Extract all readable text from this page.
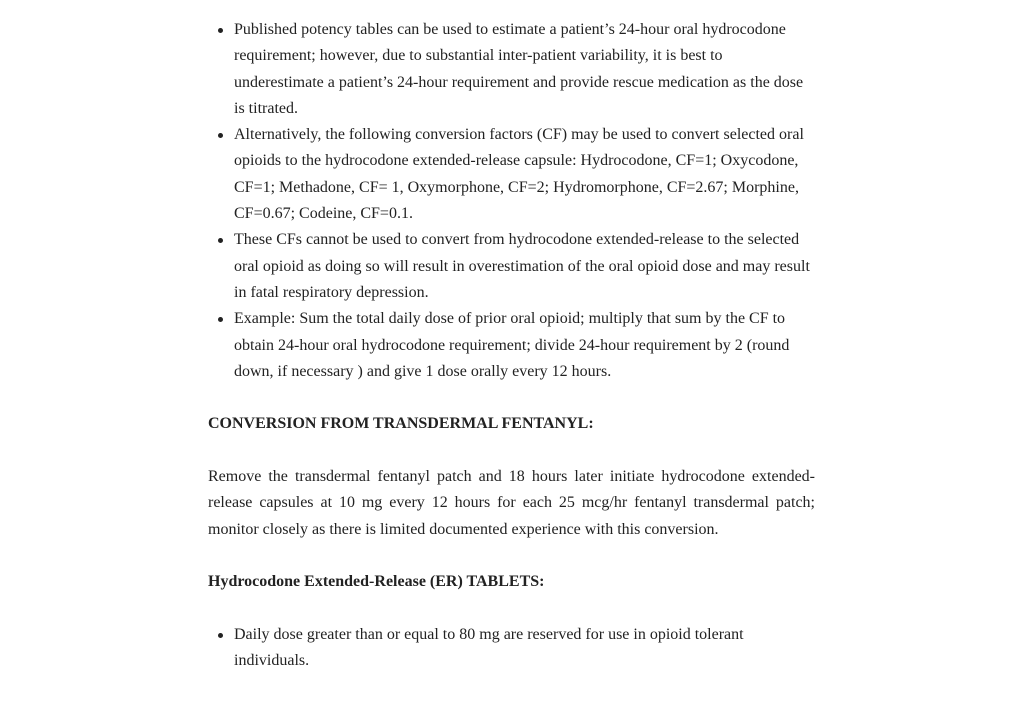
Published potency tables can be used to estimate a patient’s 24-hour oral hydrocodone requirement; however, due to substantial inter-patient variability, it is best to underestimate a patient’s 24-hour requirement and provide rescue medication as the dose is titrated.
Alternatively, the following conversion factors (CF) may be used to convert selected oral opioids to the hydrocodone extended-release capsule: Hydrocodone, CF=1; Oxycodone, CF=1; Methadone, CF= 1, Oxymorphone, CF=2; Hydromorphone, CF=2.67; Morphine, CF=0.67; Codeine, CF=0.1.
These CFs cannot be used to convert from hydrocodone extended-release to the selected oral opioid as doing so will result in overestimation of the oral opioid dose and may result in fatal respiratory depression.
Example: Sum the total daily dose of prior oral opioid; multiply that sum by the CF to obtain 24-hour oral hydrocodone requirement; divide 24-hour requirement by 2 (round down, if necessary ) and give 1 dose orally every 12 hours.

CONVERSION FROM TRANSDERMAL FENTANYL:

Remove the transdermal fentanyl patch and 18 hours later initiate hydrocodone extended-release capsules at 10 mg every 12 hours for each 25 mcg/hr fentanyl transdermal patch; monitor closely as there is limited documented experience with this conversion.

Hydrocodone Extended-Release (ER) TABLETS:

Daily dose greater than or equal to 80 mg are reserved for use in opioid tolerant individuals.
